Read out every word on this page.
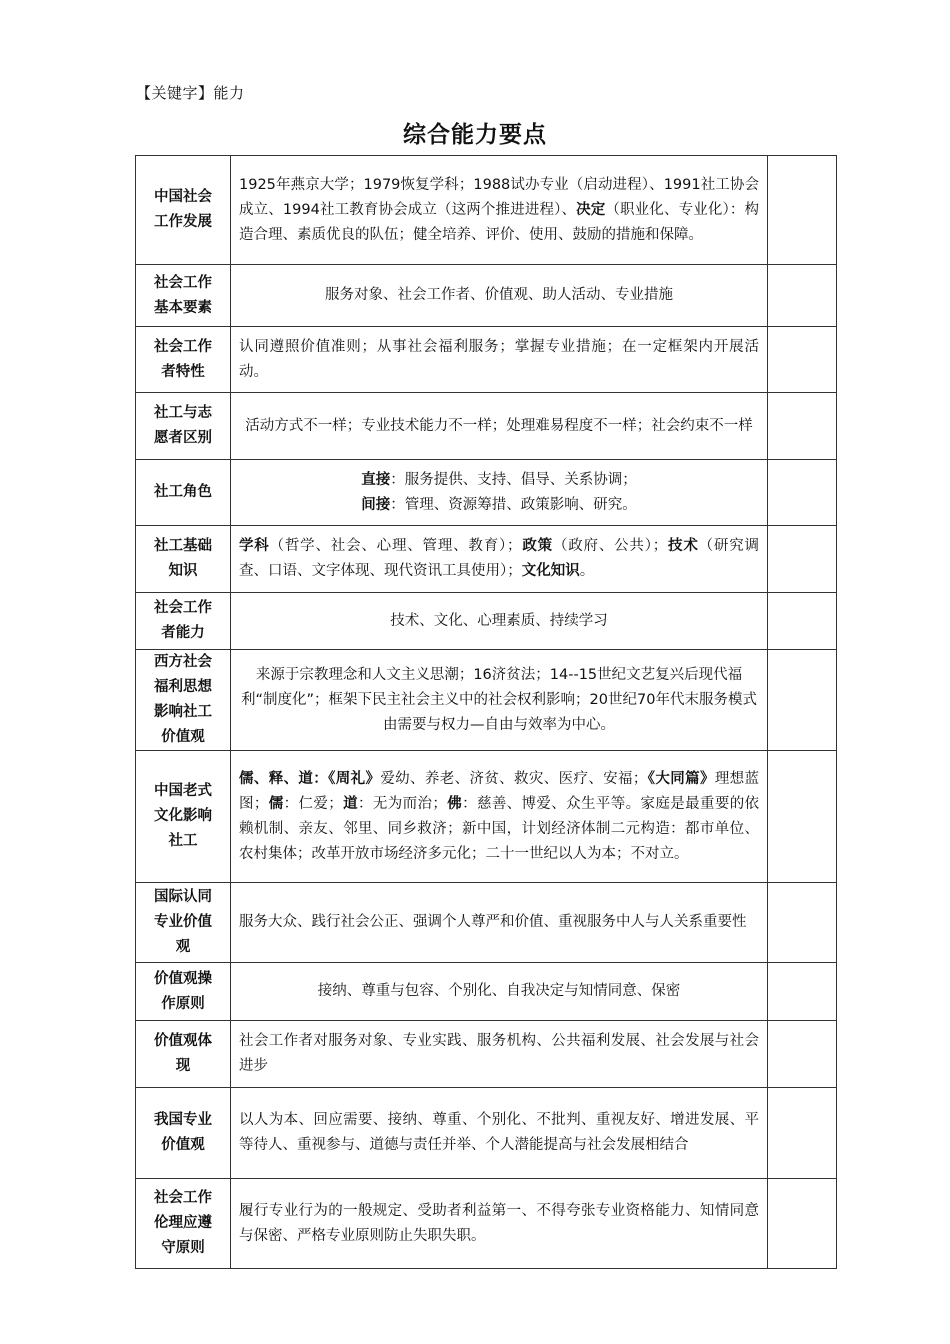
【关键字】能力
综合能力要点
中国社会工作发展	1925年燕京大学；1979恢复学科；1988试办专业（启动进程）、1991社工协会成立、1994社工教育协会成立（这两个推进进程）、决定（职业化、专业化）：构造合理、素质优良的队伍；健全培养、评价、使用、鼓励的措施和保障。	

社会工作基本要素	服务对象、社会工作者、价值观、助人活动、专业措施	

社会工作者特性	认同遵照价值准则；从事社会福利服务；掌握专业措施；在一定框架内开展活动。	

社工与志愿者区别	活动方式不一样；专业技术能力不一样；处理难易程度不一样；社会约束不一样	

社工角色	直接：服务提供、支持、倡导、关系协调；
间接：管理、资源筹措、政策影响、研究。	

社工基础知识	学科（哲学、社会、心理、管理、教育）；政策（政府、公共）；技术（研究调查、口语、文字体现、现代资讯工具使用）；文化知识。	

社会工作者能力	技术、文化、心理素质、持续学习	

西方社会福利思想影响社工价值观	来源于宗教理念和人文主义思潮；16济贫法；14--15世纪文艺复兴后现代福利“制度化”；框架下民主社会主义中的社会权利影响；20世纪70年代末服务模式由需要与权力—自由与效率为中心。	

中国老式文化影响社工	儒、释、道：《周礼》爱幼、养老、济贫、救灾、医疗、安福；《大同篇》理想蓝图；儒：仁爱；道：无为而治；佛：慈善、博爱、众生平等。家庭是最重要的依赖机制、亲友、邻里、同乡救济；新中国，计划经济体制二元构造：都市单位、农村集体；改革开放市场经济多元化；二十一世纪以人为本；不对立。	

国际认同专业价值观	服务大众、践行社会公正、强调个人尊严和价值、重视服务中人与人关系重要性	

价值观操作原则	接纳、尊重与包容、个别化、自我决定与知情同意、保密	

价值观体现	社会工作者对服务对象、专业实践、服务机构、公共福利发展、社会发展与社会进步	

我国专业价值观	以人为本、回应需要、接纳、尊重、个别化、不批判、重视友好、增进发展、平等待人、重视参与、道德与责任并举、个人潜能提高与社会发展相结合	

社会工作伦理应遵守原则	履行专业行为的一般规定、受助者利益第一、不得夸张专业资格能力、知情同意与保密、严格专业原则防止失职失职。	
